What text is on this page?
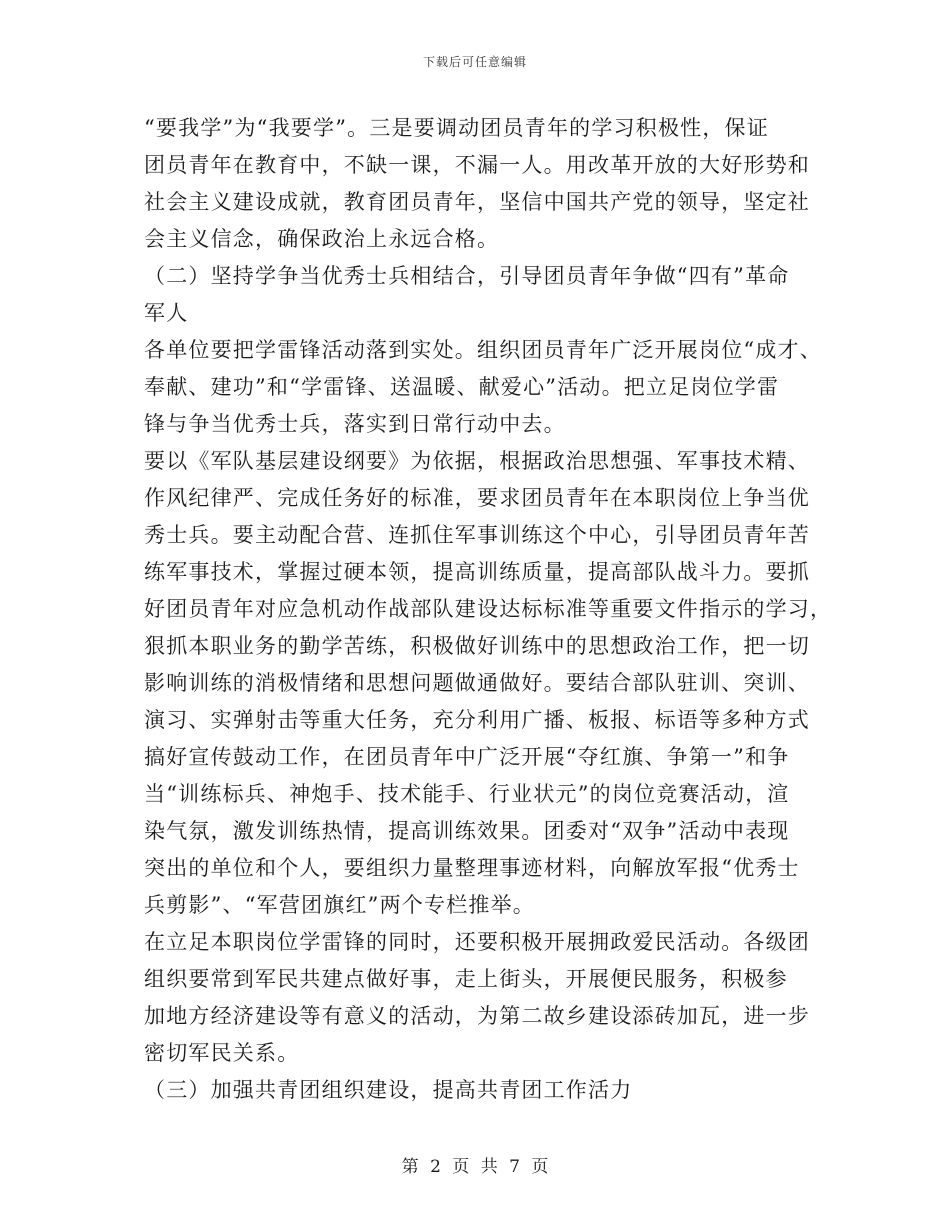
下载后可任意编辑
“要我学”为“我要学”。三是要调动团员青年的学习积极性，保证
团员青年在教育中，不缺一课，不漏一人。用改革开放的大好形势和
社会主义建设成就，教育团员青年，坚信中国共产党的领导，坚定社
会主义信念，确保政治上永远合格。
（二）坚持学争当优秀士兵相结合，引导团员青年争做“四有”革命
军人
各单位要把学雷锋活动落到实处。组织团员青年广泛开展岗位“成才、
奉献、建功”和“学雷锋、送温暖、献爱心”活动。把立足岗位学雷
锋与争当优秀士兵，落实到日常行动中去。
要以《军队基层建设纲要》为依据，根据政治思想强、军事技术精、
作风纪律严、完成任务好的标准，要求团员青年在本职岗位上争当优
秀士兵。要主动配合营、连抓住军事训练这个中心，引导团员青年苦
练军事技术，掌握过硬本领，提高训练质量，提高部队战斗力。要抓
好团员青年对应急机动作战部队建设达标标准等重要文件指示的学习，
狠抓本职业务的勤学苦练，积极做好训练中的思想政治工作，把一切
影响训练的消极情绪和思想问题做通做好。要结合部队驻训、突训、
演习、实弹射击等重大任务，充分利用广播、板报、标语等多种方式
搞好宣传鼓动工作，在团员青年中广泛开展“夺红旗、争第一”和争
当“训练标兵、神炮手、技术能手、行业状元”的岗位竞赛活动，渲
染气氛，激发训练热情，提高训练效果。团委对“双争”活动中表现
突出的单位和个人，要组织力量整理事迹材料，向解放军报“优秀士
兵剪影”、“军营团旗红”两个专栏推举。
在立足本职岗位学雷锋的同时，还要积极开展拥政爱民活动。各级团
组织要常到军民共建点做好事，走上街头，开展便民服务，积极参
加地方经济建设等有意义的活动，为第二故乡建设添砖加瓦，进一步
密切军民关系。
（三）加强共青团组织建设，提高共青团工作活力
第 2 页 共 7 页
